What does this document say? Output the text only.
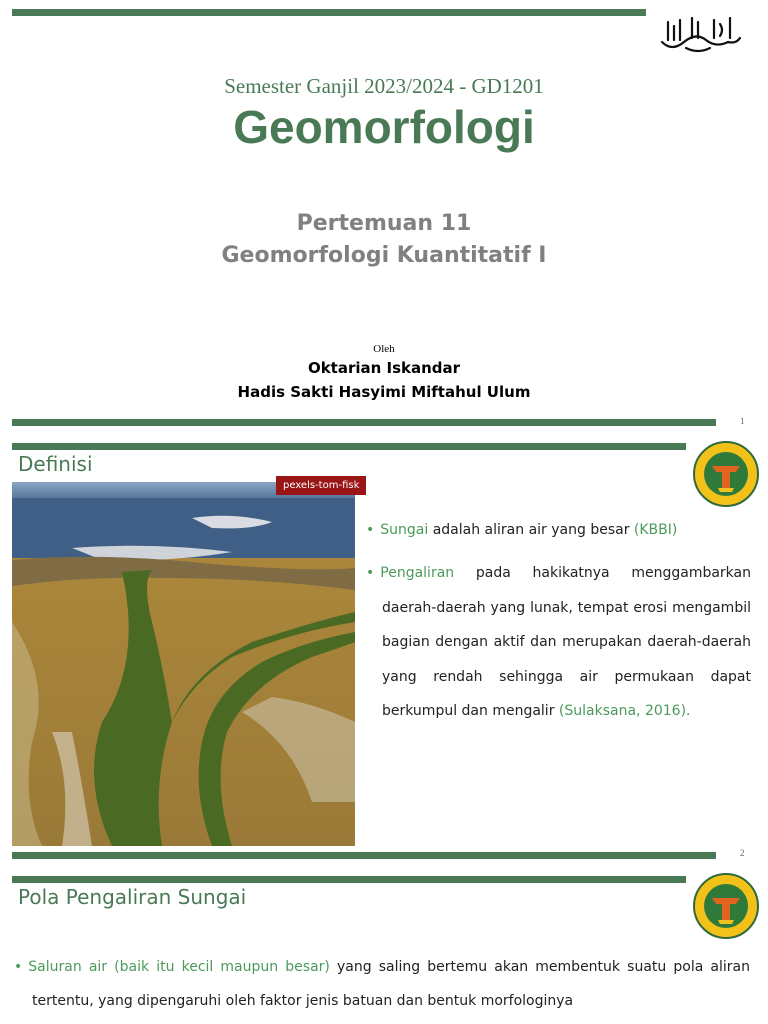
Semester Ganjil 2023/2024 - GD1201
Geomorfologi
Pertemuan 11
Geomorfologi Kuantitatif I
Oleh
Oktarian Iskandar
Hadis Sakti Hasyimi Miftahul Ulum
1
Definisi
pexels-tom-fisk
• Sungai adalah aliran air yang besar (KBBI)
• Pengaliran pada hakikatnya menggambarkan daerah-daerah yang lunak, tempat erosi mengambil bagian dengan aktif dan merupakan daerah-daerah yang rendah sehingga air permukaan dapat berkumpul dan mengalir (Sulaksana, 2016).
2
Pola Pengaliran Sungai
• Saluran air (baik itu kecil maupun besar) yang saling bertemu akan membentuk suatu pola aliran tertentu, yang dipengaruhi oleh faktor jenis batuan dan bentuk morfologinya
